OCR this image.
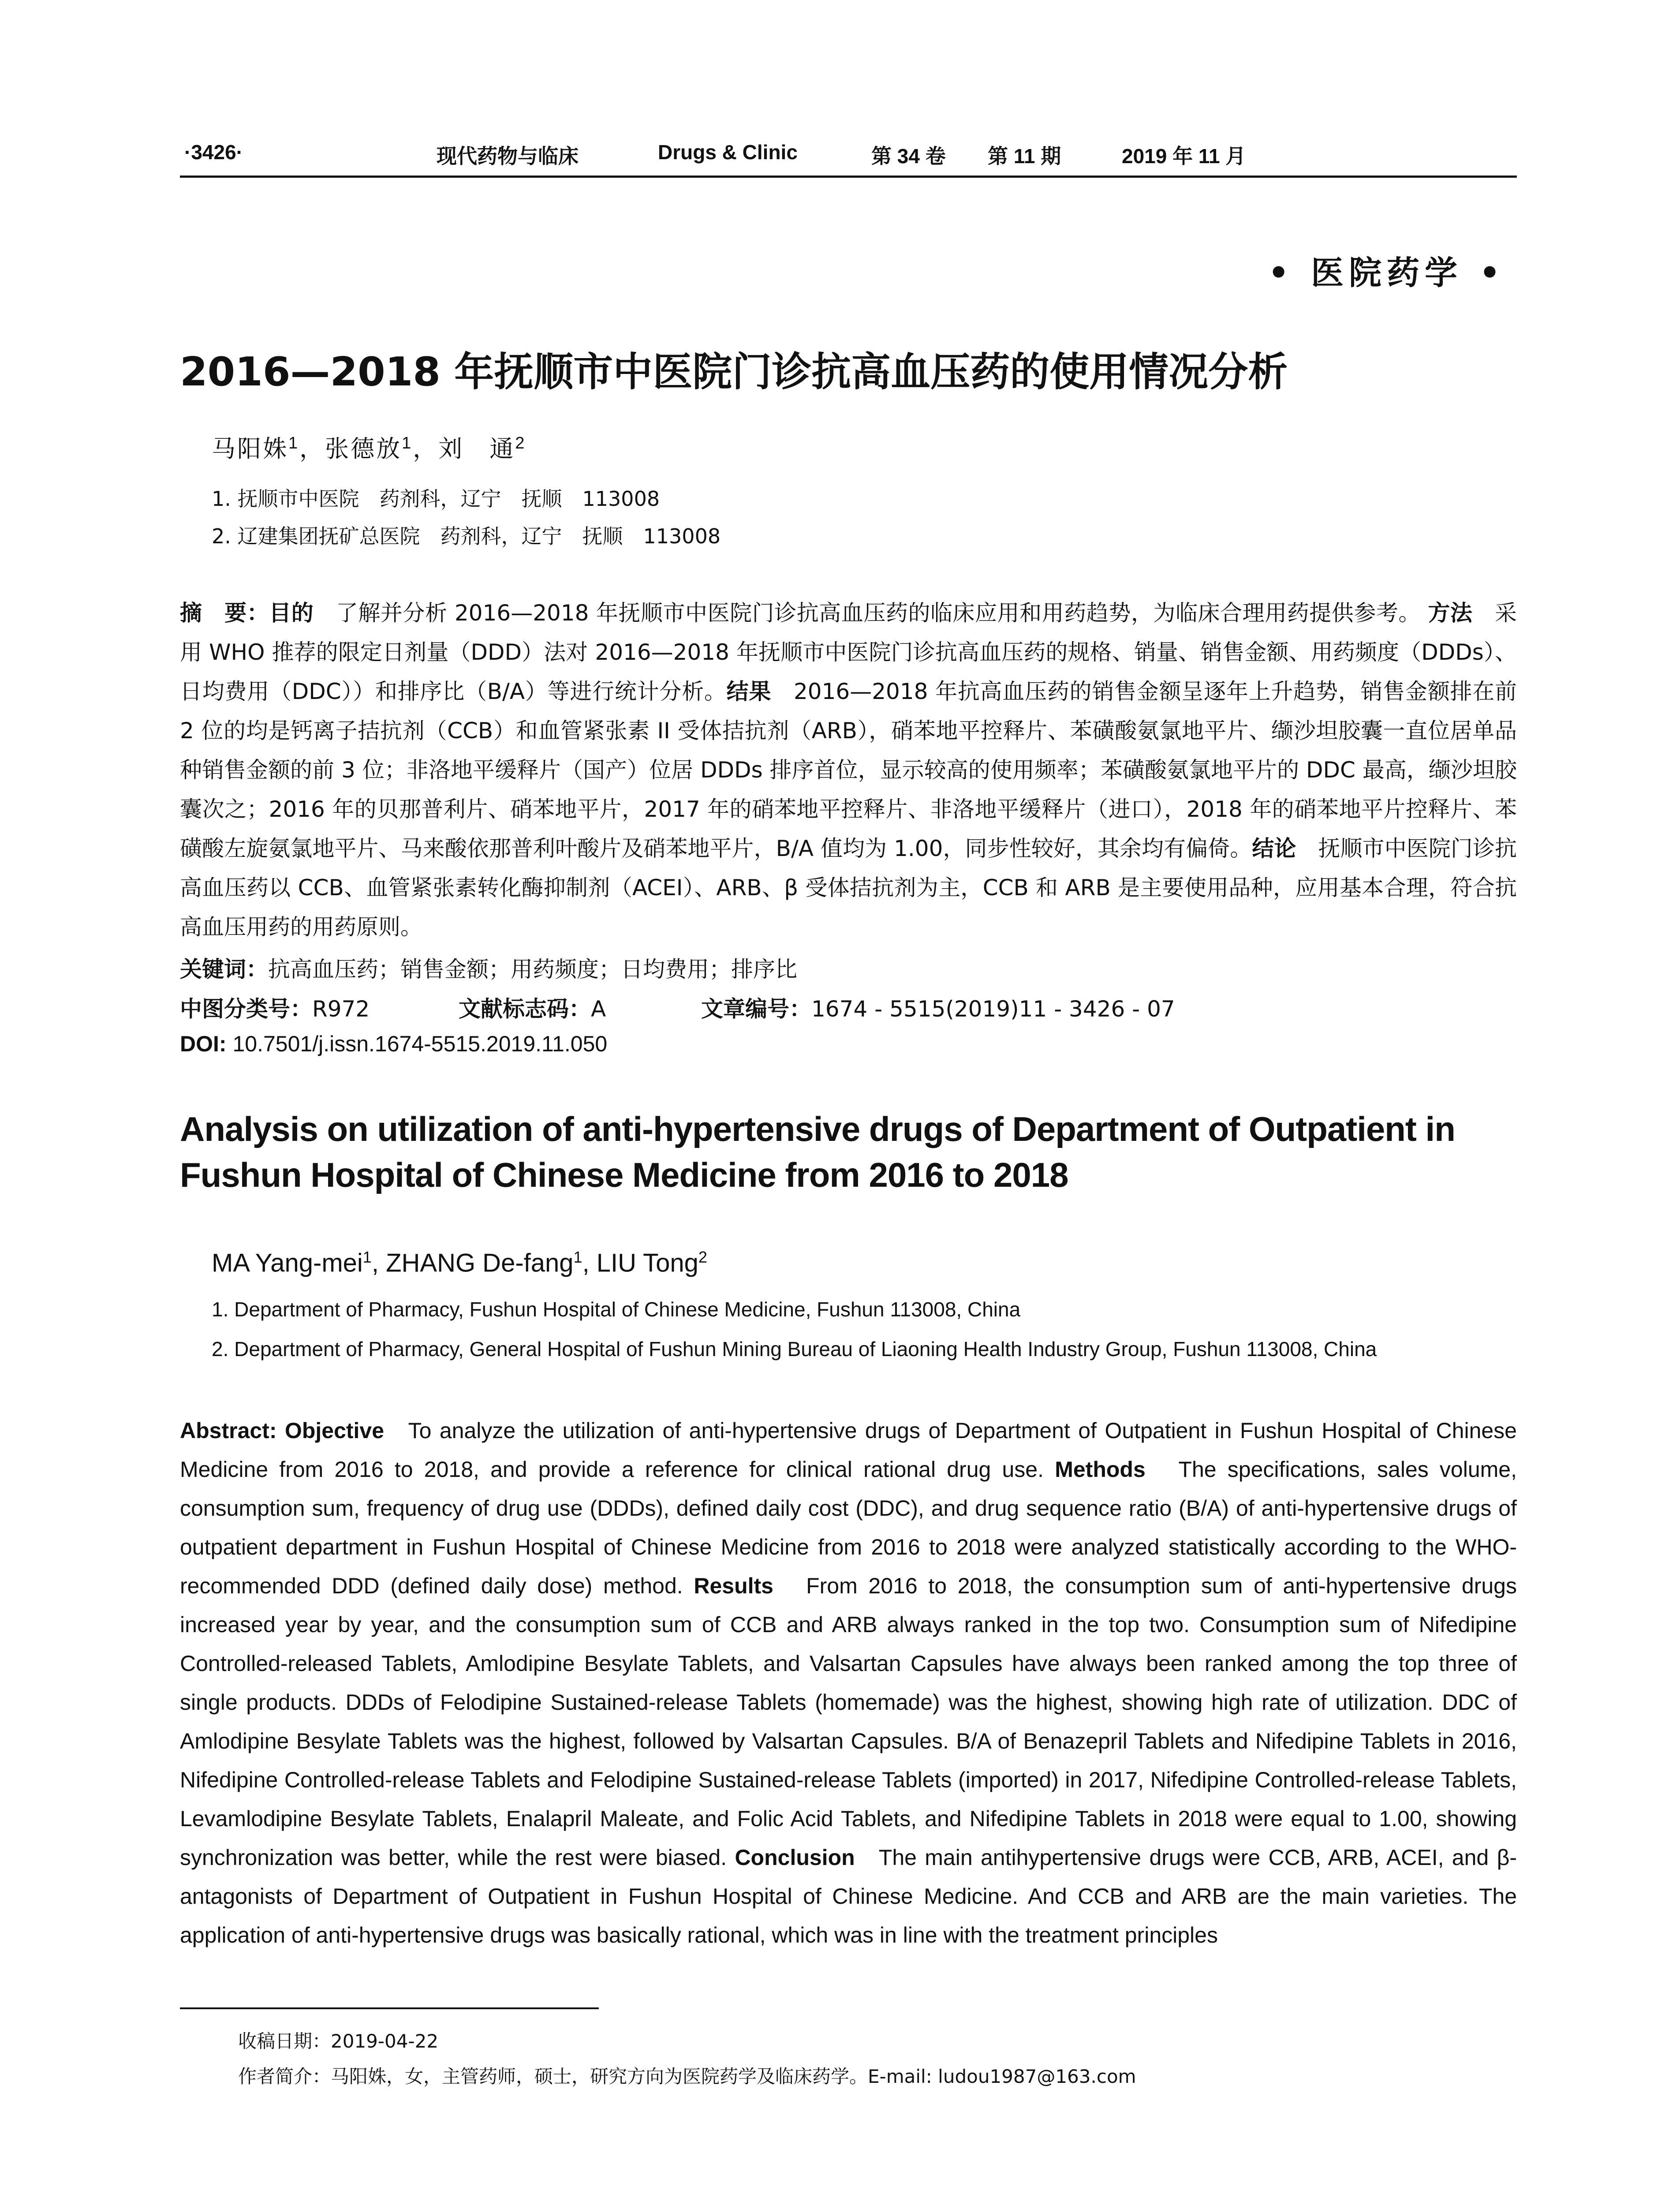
·3426·	现代药物与临床	Drugs & Clinic	第 34 卷 第 11 期	2019 年 11 月
• 医院药学 •
2016—2018 年抚顺市中医院门诊抗高血压药的使用情况分析
马阳姝$^1$，张德放$^1$，刘　通$^2$
1. 抚顺市中医院　药剂科，辽宁　抚顺　113008
2. 辽建集团抚矿总医院　药剂科，辽宁　抚顺　113008
摘　要：目的　 了解并分析 2016—2018 年抚顺市中医院门诊抗高血压药的临床应用和用药趋势，为临床合理用药提供参考。 方法　 采用 WHO 推荐的限定日剂量（DDD）法对 2016—2018 年抚顺市中医院门诊抗高血压药的规格、销量、销售金额、用药频度（DDDs）、日均费用（DDC））和排序比（B/A）等进行统计分析。结果　 2016—2018 年抗高血压药的销售金额呈逐年上升趋势，销售金额排在前 2 位的均是钙离子拮抗剂（CCB）和血管紧张素 II 受体拮抗剂（ARB），硝苯地平控释片、苯磺酸氨氯地平片、缬沙坦胶囊一直位居单品种销售金额的前 3 位；非洛地平缓释片（国产）位居 DDDs 排序首位，显示较高的使用频率；苯磺酸氨氯地平片的 DDC 最高，缬沙坦胶囊次之；2016 年的贝那普利片、硝苯地平片，2017 年的硝苯地平控释片、非洛地平缓释片（进口），2018 年的硝苯地平片控释片、苯磺酸左旋氨氯地平片、马来酸依那普利叶酸片及硝苯地平片，B/A 值均为 1.00，同步性较好，其余均有偏倚。结论　 抚顺市中医院门诊抗高血压药以 CCB、血管紧张素转化酶抑制剂（ACEI）、ARB、β 受体拮抗剂为主，CCB 和 ARB 是主要使用品种，应用基本合理，符合抗高血压用药的用药原则。
关键词：抗高血压药；销售金额；用药频度；日均费用；排序比
中图分类号：R972	文献标志码：A	文章编号：1674 - 5515(2019)11 - 3426 - 07
DOI: 10.7501/j.issn.1674-5515.2019.11.050
Analysis on utilization of anti-hypertensive drugs of Department of Outpatient in Fushun Hospital of Chinese Medicine from 2016 to 2018
MA Yang-mei$^1$, ZHANG De-fang$^1$, LIU Tong$^2$
1. Department of Pharmacy, Fushun Hospital of Chinese Medicine, Fushun 113008, China
2. Department of Pharmacy, General Hospital of Fushun Mining Bureau of Liaoning Health Industry Group, Fushun 113008, China
Abstract: Objective To analyze the utilization of anti-hypertensive drugs of Department of Outpatient in Fushun Hospital of Chinese Medicine from 2016 to 2018, and provide a reference for clinical rational drug use. Methods The specifications, sales volume, consumption sum, frequency of drug use (DDDs), defined daily cost (DDC), and drug sequence ratio (B/A) of anti-hypertensive drugs of outpatient department in Fushun Hospital of Chinese Medicine from 2016 to 2018 were analyzed statistically according to the WHO-recommended DDD (defined daily dose) method. Results From 2016 to 2018, the consumption sum of anti-hypertensive drugs increased year by year, and the consumption sum of CCB and ARB always ranked in the top two. Consumption sum of Nifedipine Controlled-released Tablets, Amlodipine Besylate Tablets, and Valsartan Capsules have always been ranked among the top three of single products. DDDs of Felodipine Sustained-release Tablets (homemade) was the highest, showing high rate of utilization. DDC of Amlodipine Besylate Tablets was the highest, followed by Valsartan Capsules. B/A of Benazepril Tablets and Nifedipine Tablets in 2016, Nifedipine Controlled-release Tablets and Felodipine Sustained-release Tablets (imported) in 2017, Nifedipine Controlled-release Tablets, Levamlodipine Besylate Tablets, Enalapril Maleate, and Folic Acid Tablets, and Nifedipine Tablets in 2018 were equal to 1.00, showing synchronization was better, while the rest were biased. Conclusion The main antihypertensive drugs were CCB, ARB, ACEI, and β-antagonists of Department of Outpatient in Fushun Hospital of Chinese Medicine. And CCB and ARB are the main varieties. The application of anti-hypertensive drugs was basically rational, which was in line with the treatment principles
收稿日期：2019-04-22
作者简介：马阳姝，女，主管药师，硕士，研究方向为医院药学及临床药学。E-mail: ludou1987@163.com
